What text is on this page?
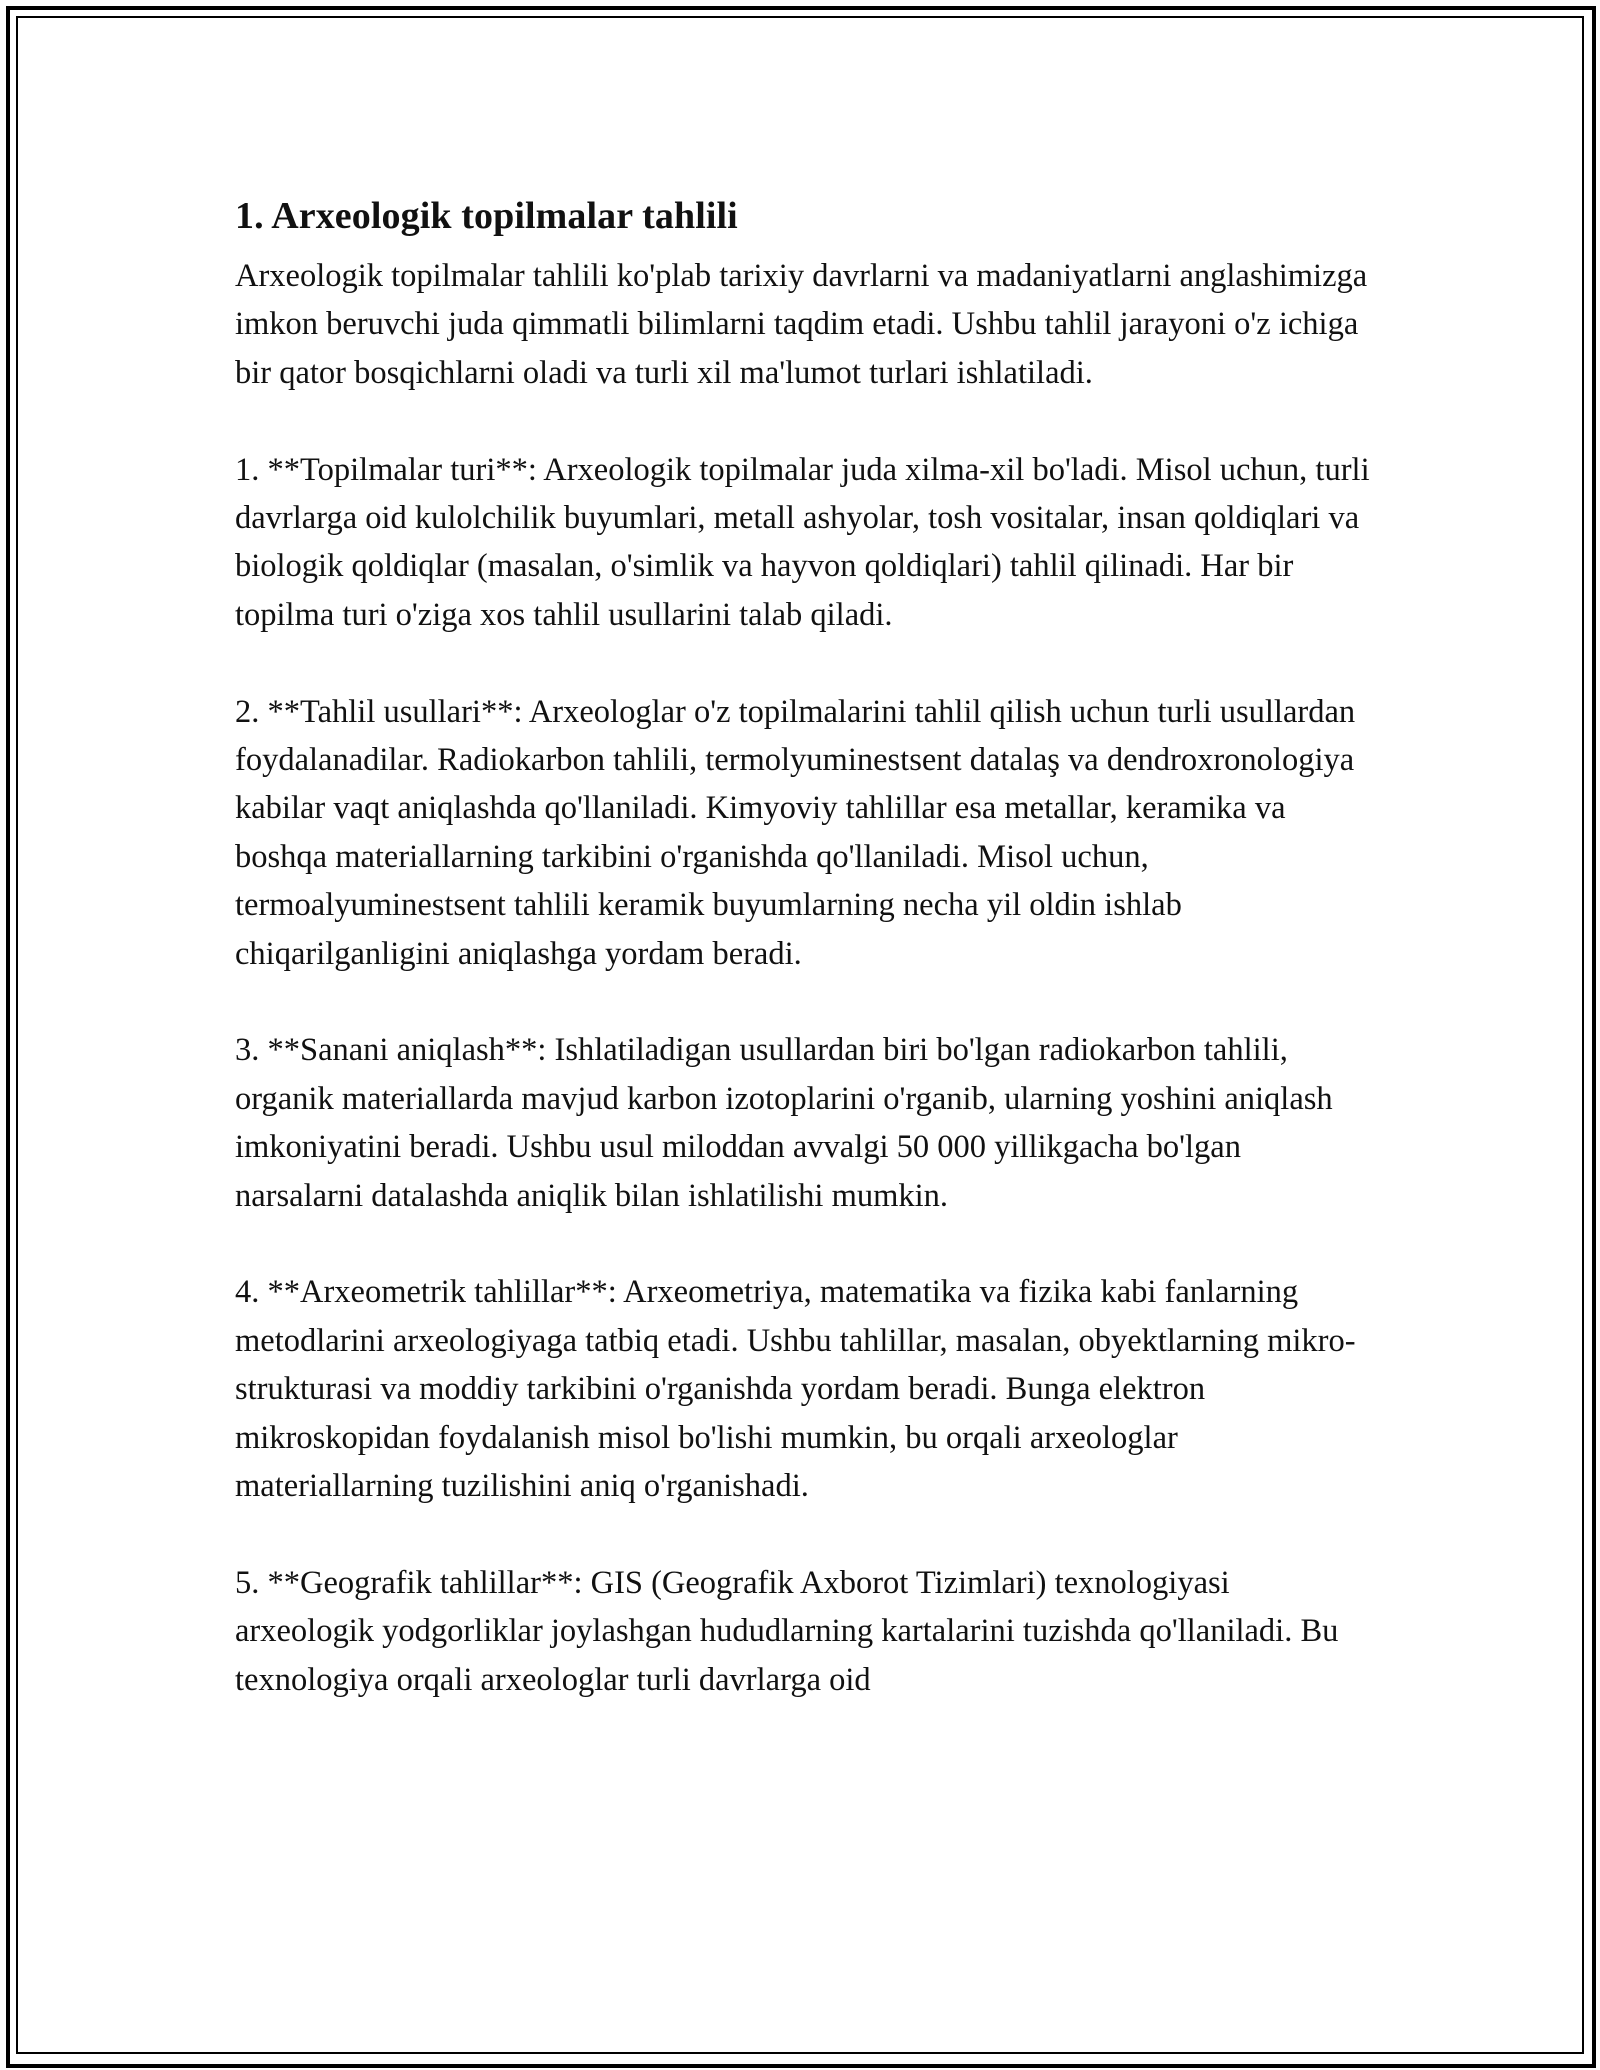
1. Arxeologik topilmalar tahlili

Arxeologik topilmalar tahlili ko'plab tarixiy davrlarni va madaniyatlarni anglashimizga imkon beruvchi juda qimmatli bilimlarni taqdim etadi. Ushbu tahlil jarayoni o'z ichiga bir qator bosqichlarni oladi va turli xil ma'lumot turlari ishlatiladi.

1. **Topilmalar turi**: Arxeologik topilmalar juda xilma-xil bo'ladi. Misol uchun, turli davrlarga oid kulolchilik buyumlari, metall ashyolar, tosh vositalar, insan qoldiqlari va biologik qoldiqlar (masalan, o'simlik va hayvon qoldiqlari) tahlil qilinadi. Har bir topilma turi o'ziga xos tahlil usullarini talab qiladi.

2. **Tahlil usullari**: Arxeologlar o'z topilmalarini tahlil qilish uchun turli usullardan foydalanadilar. Radiokarbon tahlili, termolyuminestsent datalaş va dendroxronologiya kabilar vaqt aniqlashda qo'llaniladi. Kimyoviy tahlillar esa metallar, keramika va boshqa materiallarning tarkibini o'rganishda qo'llaniladi. Misol uchun, termoalyuminestsent tahlili keramik buyumlarning necha yil oldin ishlab chiqarilganligini aniqlashga yordam beradi.

3. **Sanani aniqlash**: Ishlatiladigan usullardan biri bo'lgan radiokarbon tahlili, organik materiallarda mavjud karbon izotoplarini o'rganib, ularning yoshini aniqlash imkoniyatini beradi. Ushbu usul miloddan avvalgi 50 000 yillikgacha bo'lgan narsalarni datalashda aniqlik bilan ishlatilishi mumkin.

4. **Arxeometrik tahlillar**: Arxeometriya, matematika va fizika kabi fanlarning metodlarini arxeologiyaga tatbiq etadi. Ushbu tahlillar, masalan, obyektlarning mikro-strukturasi va moddiy tarkibini o'rganishda yordam beradi. Bunga elektron mikroskopidan foydalanish misol bo'lishi mumkin, bu orqali arxeologlar materiallarning tuzilishini aniq o'rganishadi.

5. **Geografik tahlillar**: GIS (Geografik Axborot Tizimlari) texnologiyasi arxeologik yodgorliklar joylashgan hududlarning kartalarini tuzishda qo'llaniladi. Bu texnologiya orqali arxeologlar turli davrlarga oid
